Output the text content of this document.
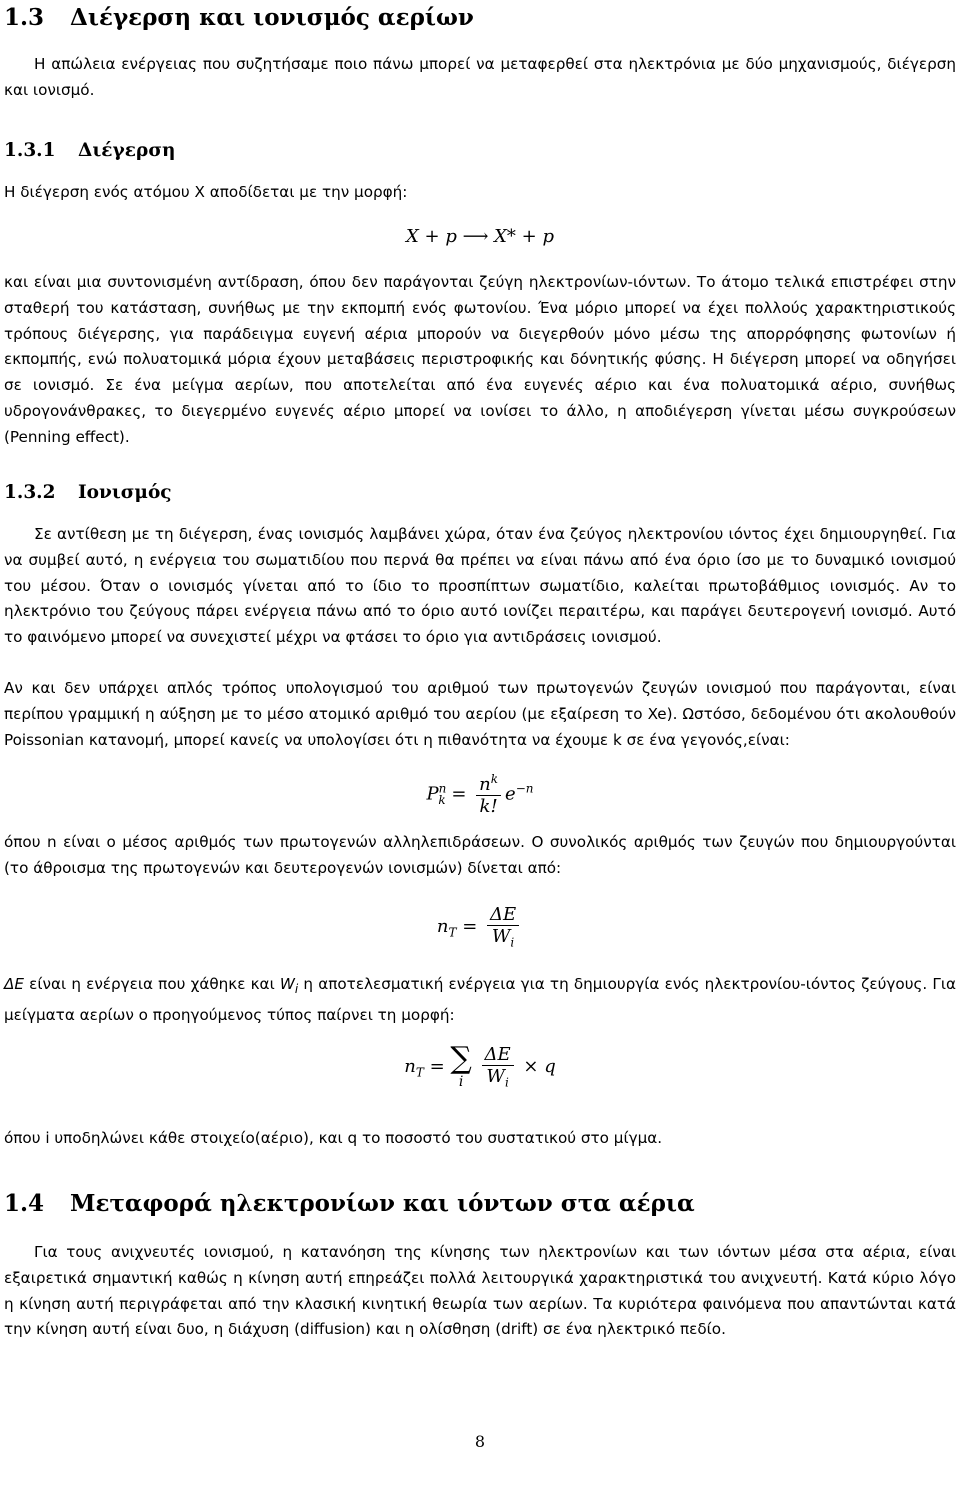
1.3 Διέγερση και ιονισμός αερίων

Η απώλεια ενέργειας που συζητήσαμε ποιο πάνω μπορεί να μεταφερθεί στα ηλεκτρόνια με δύο μηχανισμούς, διέγερση και ιονισμό.

1.3.1 Διέγερση

Η διέγερση ενός ατόμου X αποδίδεται με την μορφή:

X + p ⟶ X* + p

και είναι μια συντονισμένη αντίδραση, όπου δεν παράγονται ζεύγη ηλεκτρονίων-ιόντων. Το άτομο τελικά επιστρέφει στην σταθερή του κατάσταση, συνήθως με την εκπομπή ενός φωτονίου. Ένα μόριο μπορεί να έχει πολλούς χαρακτηριστικούς τρόπους διέγερσης, για παράδειγμα ευγενή αέρια μπορούν να διεγερθούν μόνο μέσω της απορρόφησης φωτονίων ή εκπομπής, ενώ πολυατομικά μόρια έχουν μεταβάσεις περιστροφικής και δόνητικής φύσης. Η διέγερση μπορεί να οδηγήσει σε ιονισμό. Σε ένα μείγμα αερίων, που αποτελείται από ένα ευγενές αέριο και ένα πολυατομικά αέριο, συνήθως υδρογονάνθρακες, το διεγερμένο ευγενές αέριο μπορεί να ιονίσει το άλλο, η αποδιέγερση γίνεται μέσω συγκρούσεων (Penning effect).

1.3.2 Ιονισμός

Σε αντίθεση με τη διέγερση, ένας ιονισμός λαμβάνει χώρα, όταν ένα ζεύγος ηλεκτρονίου ιόντος έχει δημιουργηθεί. Για να συμβεί αυτό, η ενέργεια του σωματιδίου που περνά θα πρέπει να είναι πάνω από ένα όριο ίσο με το δυναμικό ιονισμού του μέσου. Όταν ο ιονισμός γίνεται από το ίδιο το προσπίπτων σωματίδιο, καλείται πρωτοβάθμιος ιονισμός. Αν το ηλεκτρόνιο του ζεύγους πάρει ενέργεια πάνω από το όριο αυτό ιονίζει περαιτέρω, και παράγει δευτερογενή ιονισμό. Αυτό το φαινόμενο μπορεί να συνεχιστεί μέχρι να φτάσει το όριο για αντιδράσεις ιονισμού.

Αν και δεν υπάρχει απλός τρόπος υπολογισμού του αριθμού των πρωτογενών ζευγών ιονισμού που παράγονται, είναι περίπου γραμμική η αύξηση με το μέσο ατομικό αριθμό του αερίου (με εξαίρεση το Xe). Ωστόσο, δεδομένου ότι ακολουθούν Poissonian κατανομή, μπορεί κανείς να υπολογίσει ότι η πιθανότητα να έχουμε k σε ένα γεγονός,είναι:

$P^n_k = \frac{n^k}{k!} e^{-n}$

όπου n είναι ο μέσος αριθμός των πρωτογενών αλληλεπιδράσεων. Ο συνολικός αριθμός των ζευγών που δημιουργούνται (το άθροισμα της πρωτογενών και δευτερογενών ιονισμών) δίνεται από:

$n_T = \frac{\Delta E}{W_i}$

ΔE είναι η ενέργεια που χάθηκε και $W_i$ η αποτελεσματική ενέργεια για τη δημιουργία ενός ηλεκτρονίου-ιόντος ζεύγους. Για μείγματα αερίων ο προηγούμενος τύπος παίρνει τη μορφή:

$n_T$ = ∑
i
	$\frac{\Delta E}{W_i} \times q$

όπου i υποδηλώνει κάθε στοιχείο(αέριο), και q το ποσοστό του συστατικού στο μίγμα.

1.4 Μεταφορά ηλεκτρονίων και ιόντων στα αέρια

Για τους ανιχνευτές ιονισμού, η κατανόηση της κίνησης των ηλεκτρονίων και των ιόντων μέσα στα αέρια, είναι εξαιρετικά σημαντική καθώς η κίνηση αυτή επηρεάζει πολλά λειτουργικά χαρακτηριστικά του ανιχνευτή. Κατά κύριο λόγο η κίνηση αυτή περιγράφεται από την κλασική κινητική θεωρία των αερίων. Τα κυριότερα φαινόμενα που απαντώνται κατά την κίνηση αυτή είναι δυο, η διάχυση (diffusion) και η ολίσθηση (drift) σε ένα ηλεκτρικό πεδίο.

8
